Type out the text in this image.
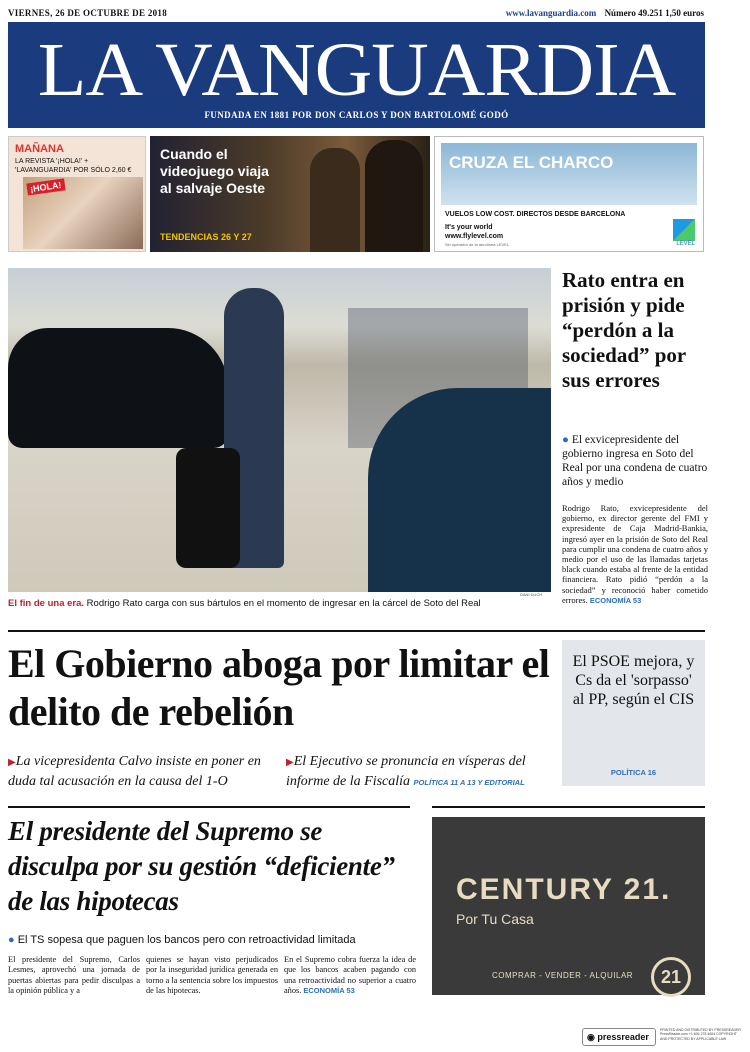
VIERNES, 26 DE OCTUBRE DE 2018	www.lavanguardia.com Número 49.251 1,50 euros
LA VANGUARDIA
FUNDADA EN 1881 POR DON CARLOS Y DON BARTOLOMÉ GODÓ
MAÑANA
LA REVISTA '¡HOLA!' + 'LAVANGUARDIA' POR SÓLO 2,60 €
¡HOLA!
Cuando el videojuego viaja al salvaje Oeste
TENDENCIAS 26 Y 27
CRUZA EL CHARCO
VUELOS LOW COST. DIRECTOS DESDE BARCELONA
It's your world
www.flylevel.com
Sin operador de la aerolínea LEVEL	LEVEL
DANI DUCH
El fin de una era. Rodrigo Rato carga con sus bártulos en el momento de ingresar en la cárcel de Soto del Real
Rato entra en prisión y pide “perdón a la sociedad” por sus errores
● El exvicepresidente del gobierno ingresa en Soto del Real por una condena de cuatro años y medio
Rodrigo Rato, exvicepresidente del gobierno, ex director gerente del FMI y expresidente de Caja Madrid-Bankia, ingresó ayer en la prisión de Soto del Real para cumplir una condena de cuatro años y medio por el uso de las llamadas tarjetas black cuando estaba al frente de la entidad financiera. Rato pidió “perdón a la sociedad” y reconoció haber cometido errores. ECONOMÍA 53
El Gobierno aboga por limitar el delito de rebelión
▶La vicepresidenta Calvo insiste en poner en duda tal acusación en la causa del 1-O
▶El Ejecutivo se pronuncia en vísperas del informe de la Fiscalía POLÍTICA 11 A 13 Y EDITORIAL
El PSOE mejora, y Cs da el 'sorpasso' al PP, según el CIS
POLÍTICA 16
El presidente del Supremo se disculpa por su gestión “deficiente” de las hipotecas
● El TS sopesa que paguen los bancos pero con retroactividad limitada
El presidente del Supremo, Carlos Lesmes, aprovechó una jornada de puertas abiertas para pedir disculpas a la opinión pública y a
quienes se hayan visto perjudicados por la inseguridad jurídica generada en torno a la sentencia sobre los impuestos de las hipotecas.
En el Supremo cobra fuerza la idea de que los bancos acaben pagando con una retroactividad no superior a cuatro años. ECONOMÍA 53
CENTURY 21.
Por Tu Casa
COMPRAR - VENDER - ALQUILAR	21
◉ pressreader
PRINTED AND DISTRIBUTED BY PRESSREADER PressReader.com +1 604 278 4604 COPYRIGHT AND PROTECTED BY APPLICABLE LAW
